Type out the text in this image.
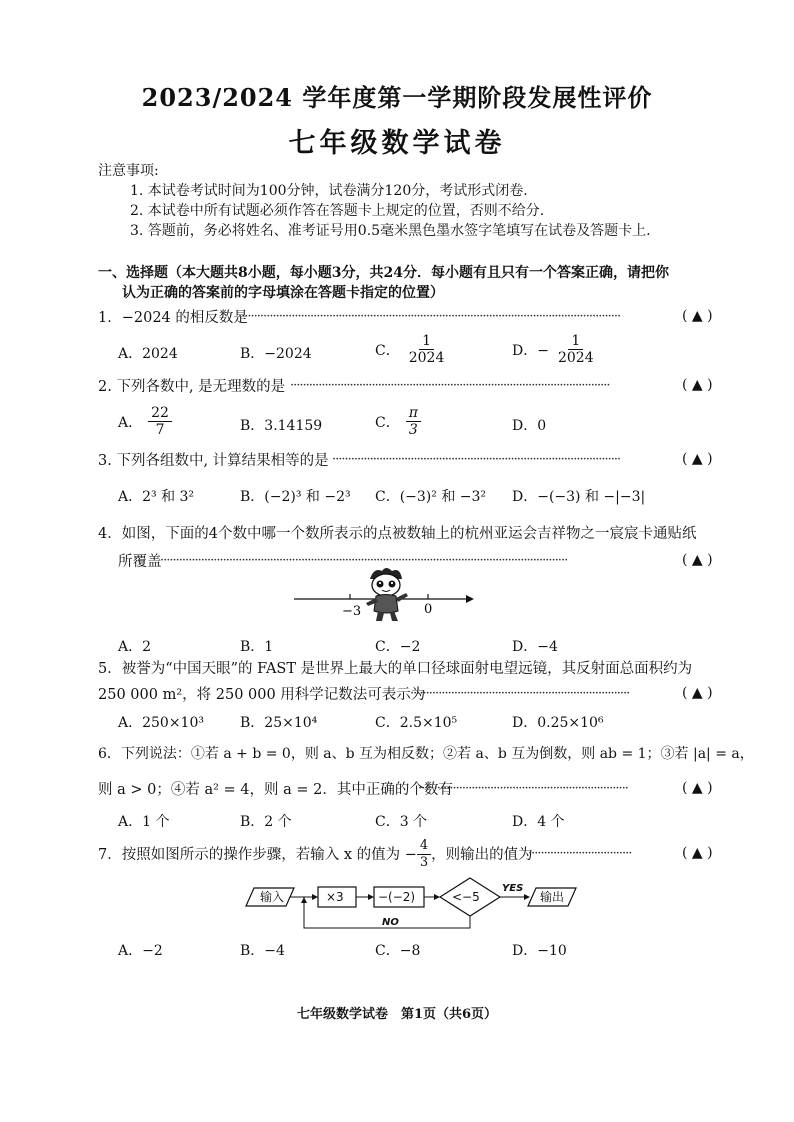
2023/2024 学年度第一学期阶段发展性评价
七年级数学试卷
注意事项:
1. 本试卷考试时间为100分钟，试卷满分120分，考试形式闭卷.
2. 本试卷中所有试题必须作答在答题卡上规定的位置，否则不给分.
3. 答题前，务必将姓名、准考证号用0.5毫米黑色墨水签字笔填写在试卷及答题卡上.
一、选择题（本大题共8小题，每小题3分，共24分．每小题有且只有一个答案正确，请把你
认为正确的答案前的字母填涂在答题卡指定的位置）
1．−2024 的相反数是
··························································································································	( ▲ )
A．2024	B．−2024	C． $\frac{1}{2024}$	D．− $\frac{1}{2024}$
2. 下列各数中, 是无理数的是 ······································································································	( ▲ )
A． $\frac{22}{7}$	B．3.14159	C． $\frac{\pi}{3}$	D．0
3. 下列各组数中, 计算结果相等的是 ····························································································	( ▲ )
A．2³ 和 3²	B．(−2)³ 和 −2³ C．(−3)² 和 −3² D．−(−3) 和 −|−3|
4．如图，下面的4个数中哪一个数所表示的点被数轴上的杭州亚运会吉祥物之一宸宸卡通贴纸
所覆盖
··································································································································	( ▲ )
−3	0
A．2	B．1	C．−2	D．−4
5．被誉为“中国天眼”的 FAST 是世界上最大的单口径球面射电望远镜，其反射面总面积约为
250 000 m²，将 250 000 用科学记数法可表示为
······································································	( ▲ )
A．250×10³	B．25×10⁴	C．2.5×10⁵	D．0.25×10⁶
6．下列说法：①若 a + b = 0，则 a、b 互为相反数；②若 a、b 互为倒数，则 ab = 1；③若 |a| = a，
则 a > 0；④若 a² = 4，则 a = 2．其中正确的个数有
···································································	( ▲ )
A．1 个	B．2 个	C．3 个	D．4 个
7．按照如图所示的操作步骤，若输入 x 的值为 − $\frac{4}{3}$ ，则输出的值为
·································	( ▲ )
输入	×3	−(−2)	<−5
YES
输出
NO
A．−2	B．−4	C．−8	D．−10
七年级数学试卷　第1页（共6页）
